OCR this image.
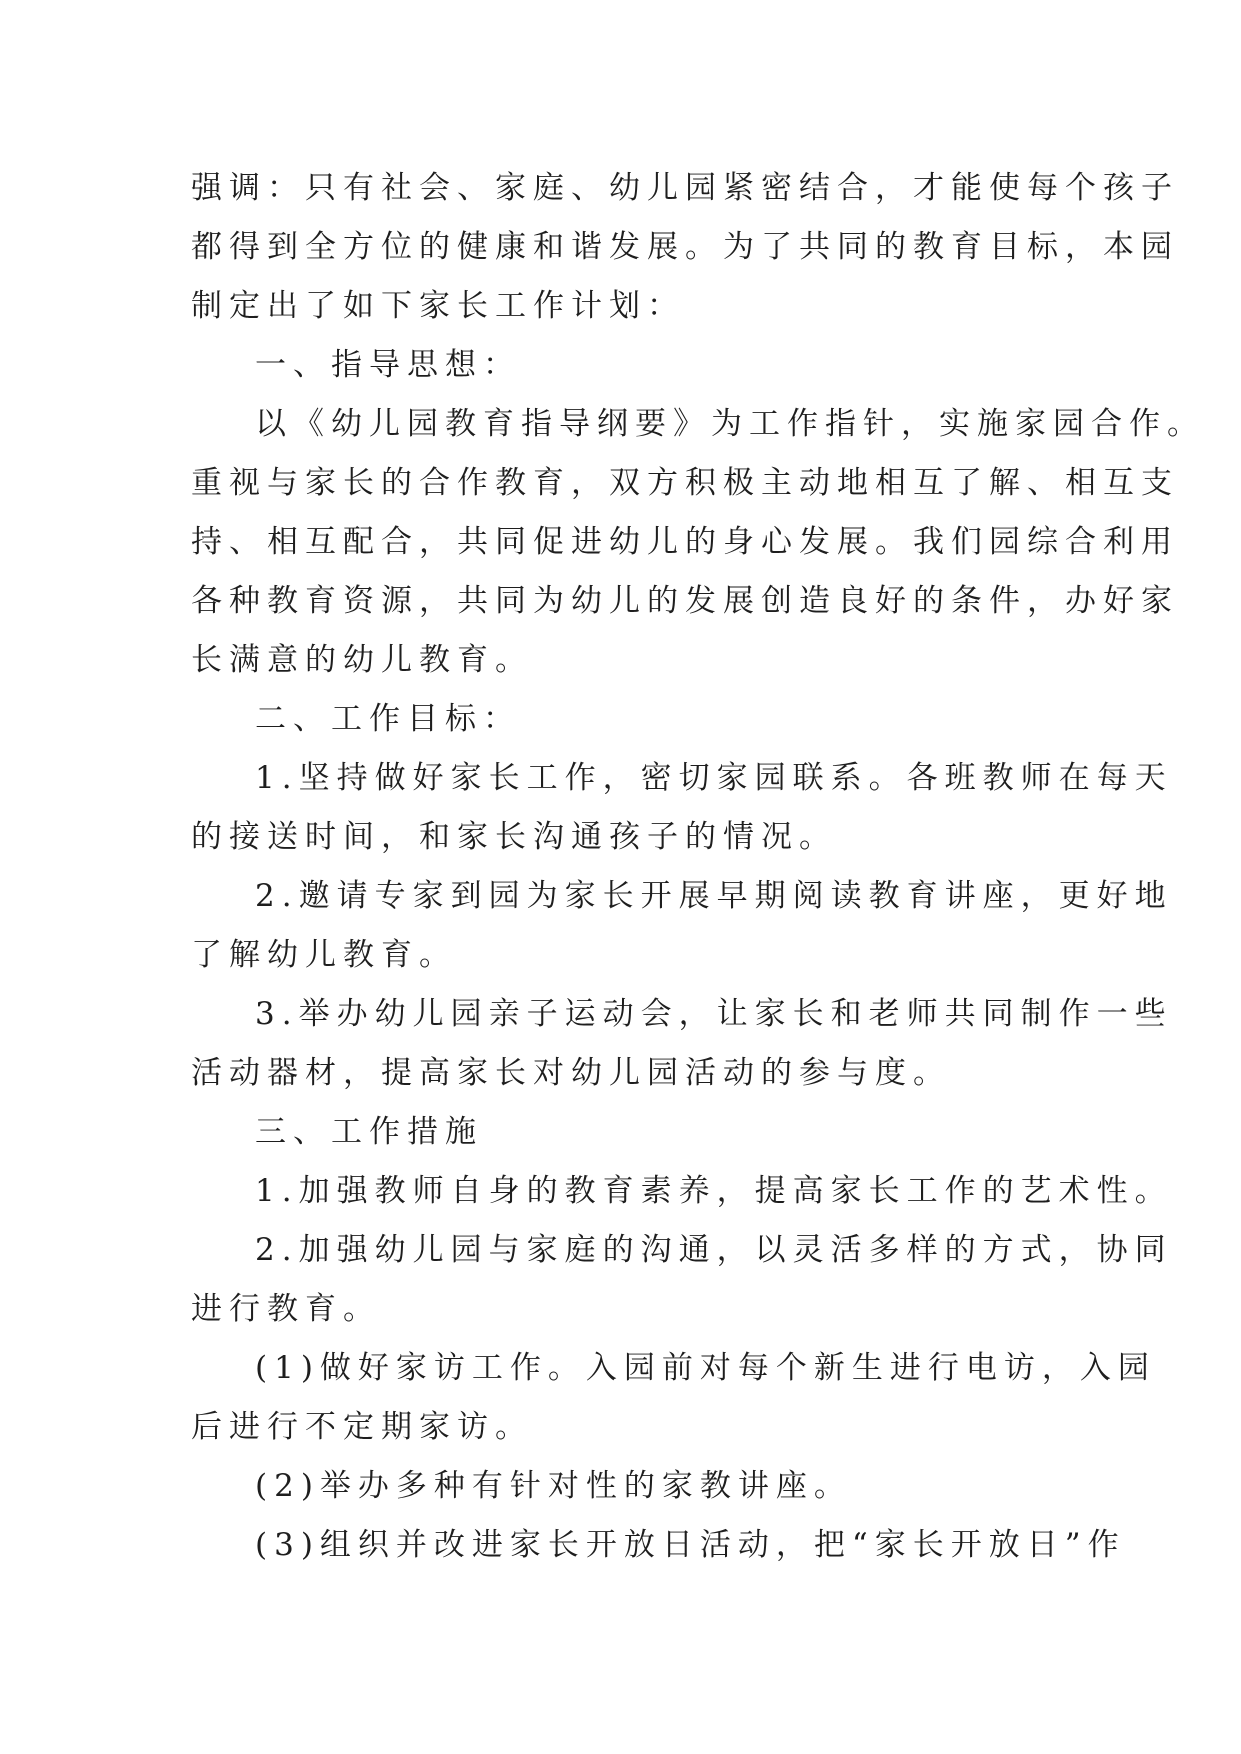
强调：只有社会、家庭、幼儿园紧密结合，才能使每个孩子
都得到全方位的健康和谐发展。为了共同的教育目标，本园
制定出了如下家长工作计划：
一、指导思想：
以《幼儿园教育指导纲要》为工作指针，实施家园合作。
重视与家长的合作教育，双方积极主动地相互了解、相互支
持、相互配合，共同促进幼儿的身心发展。我们园综合利用
各种教育资源，共同为幼儿的发展创造良好的条件，办好家
长满意的幼儿教育。
二、工作目标：
1.坚持做好家长工作，密切家园联系。各班教师在每天
的接送时间，和家长沟通孩子的情况。
2.邀请专家到园为家长开展早期阅读教育讲座，更好地
了解幼儿教育。
3.举办幼儿园亲子运动会，让家长和老师共同制作一些
活动器材，提高家长对幼儿园活动的参与度。
三、工作措施
1.加强教师自身的教育素养，提高家长工作的艺术性。
2.加强幼儿园与家庭的沟通，以灵活多样的方式，协同
进行教育。
(1)做好家访工作。入园前对每个新生进行电访，入园
后进行不定期家访。
(2)举办多种有针对性的家教讲座。
(3)组织并改进家长开放日活动，把“家长开放日”作
